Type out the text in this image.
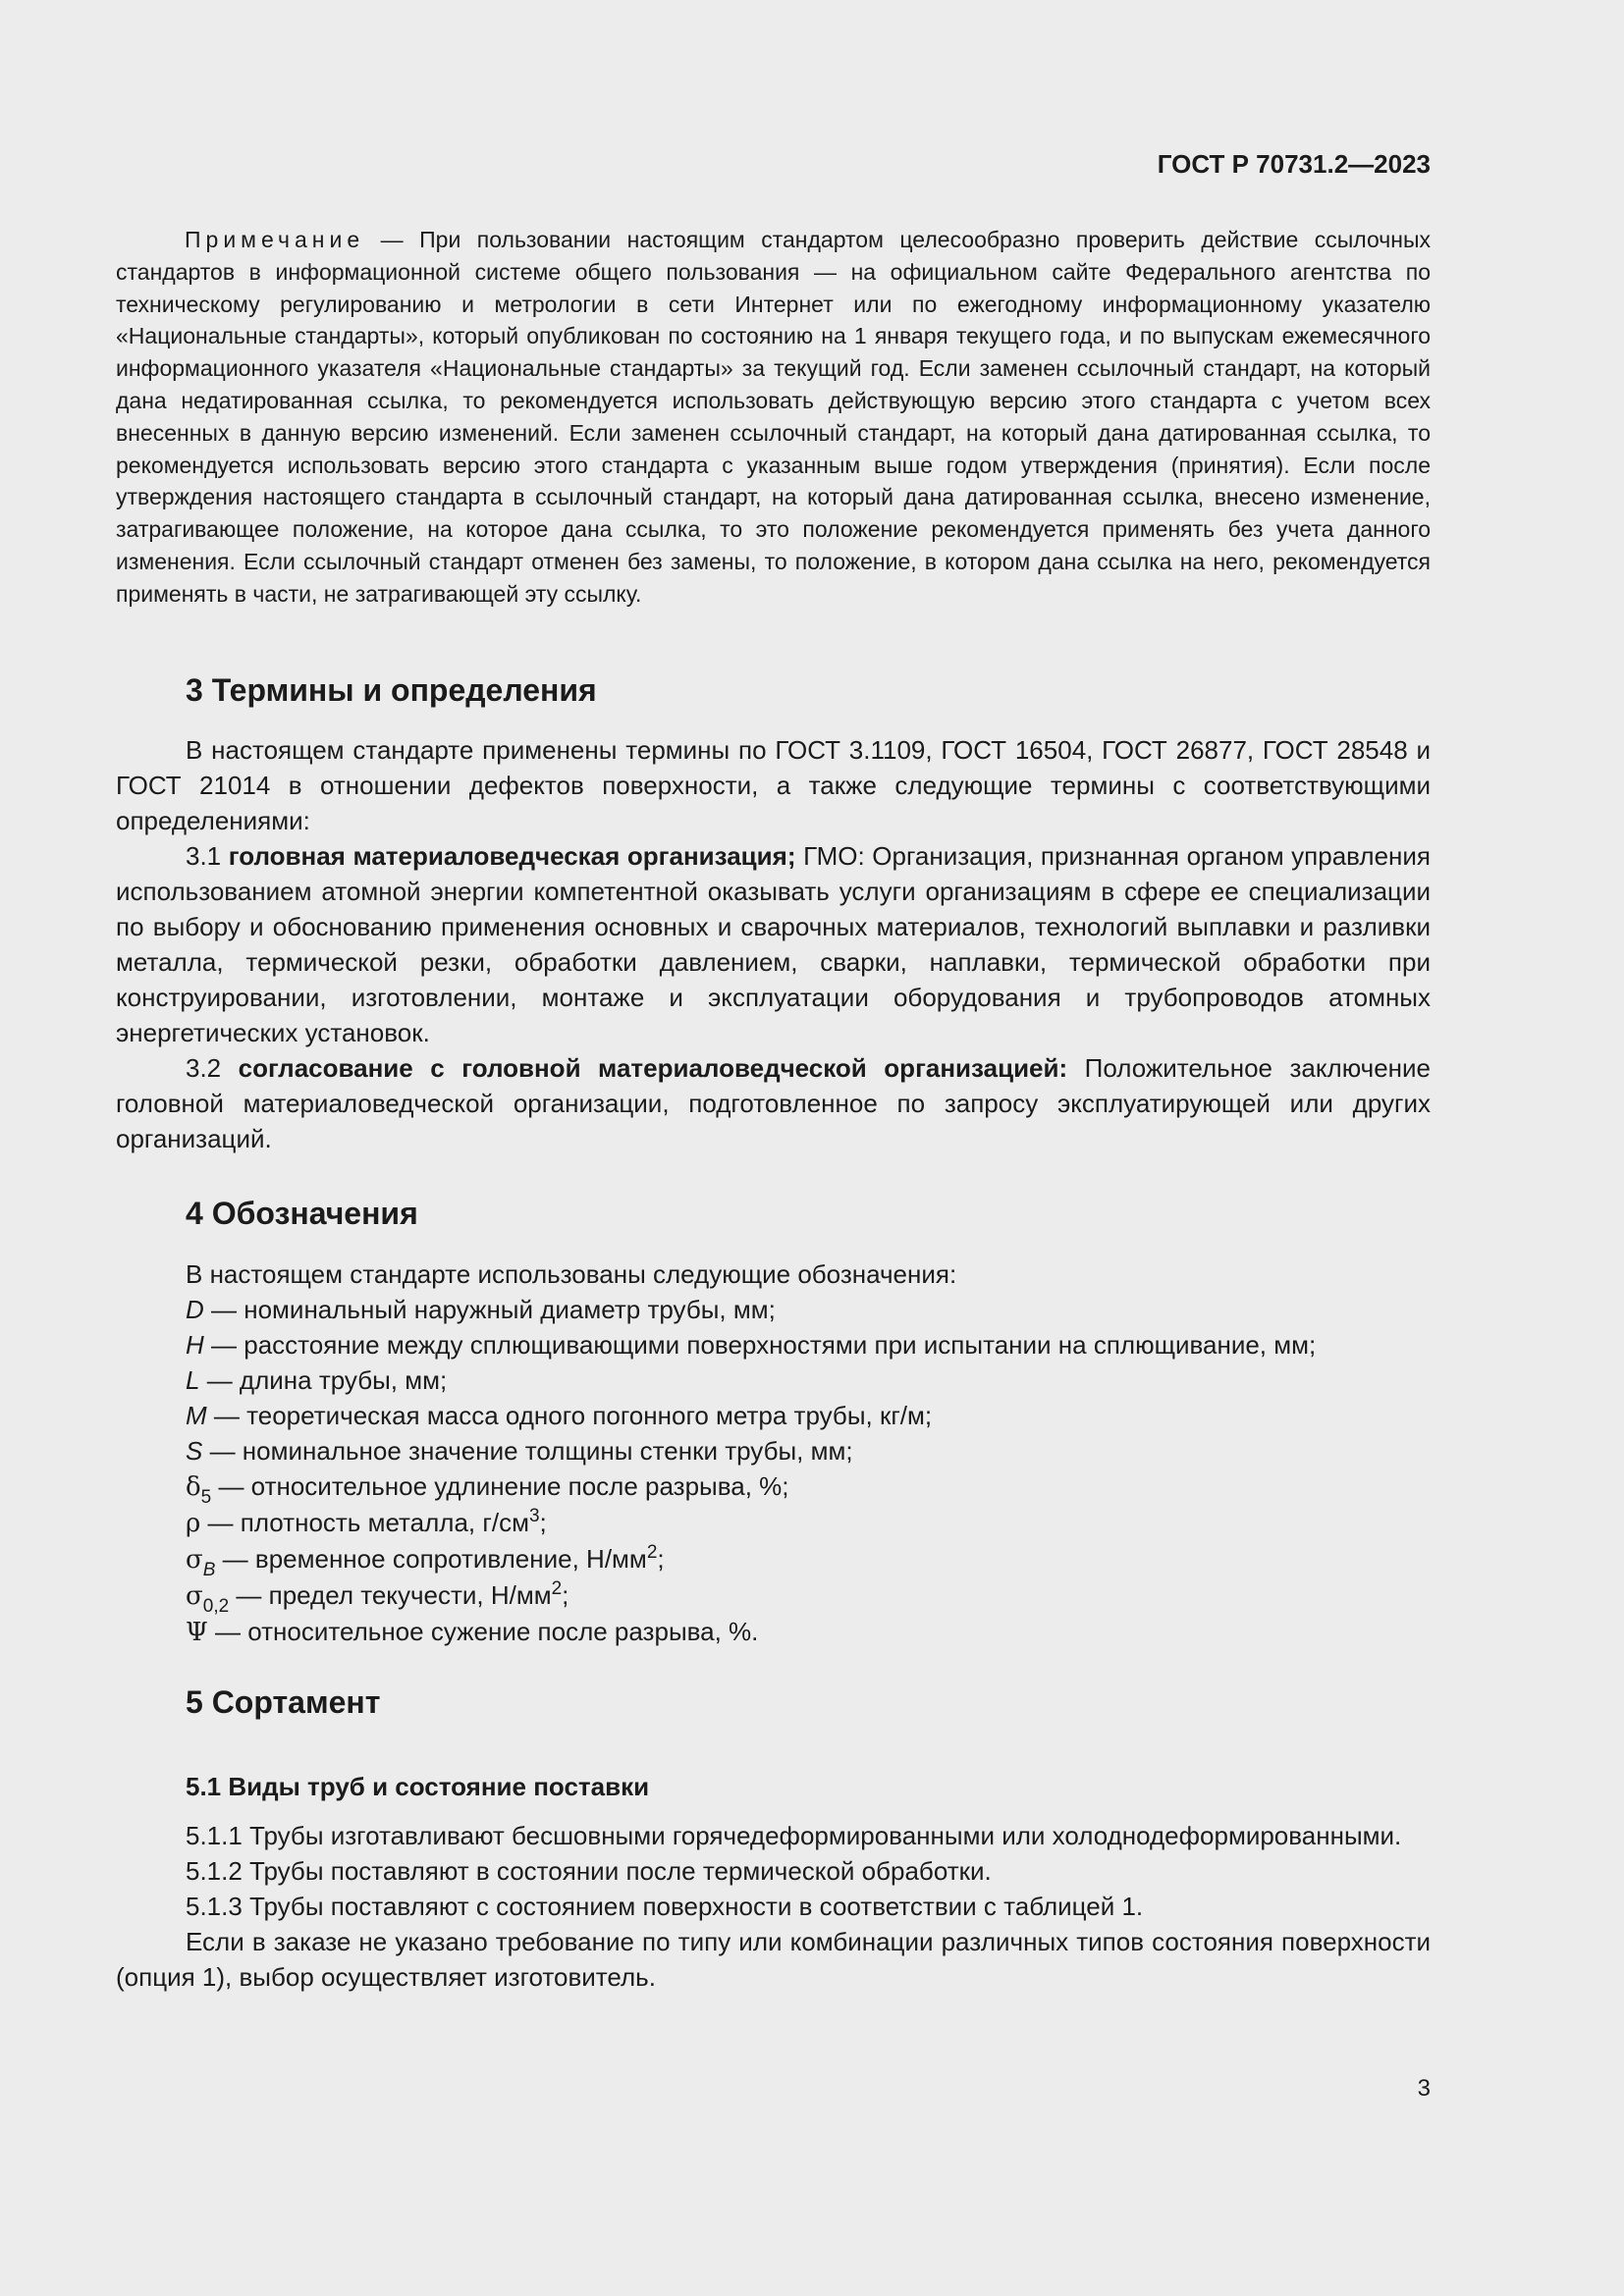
ГОСТ Р 70731.2—2023
Примечание — При пользовании настоящим стандартом целесообразно проверить действие ссылочных стандартов в информационной системе общего пользования — на официальном сайте Федерального агентства по техническому регулированию и метрологии в сети Интернет или по ежегодному информационному указателю «Национальные стандарты», который опубликован по состоянию на 1 января текущего года, и по выпускам ежемесячного информационного указателя «Национальные стандарты» за текущий год. Если заменен ссылочный стандарт, на который дана недатированная ссылка, то рекомендуется использовать действующую версию этого стандарта с учетом всех внесенных в данную версию изменений. Если заменен ссылочный стандарт, на который дана датированная ссылка, то рекомендуется использовать версию этого стандарта с указанным выше годом утверждения (принятия). Если после утверждения настоящего стандарта в ссылочный стандарт, на который дана датированная ссылка, внесено изменение, затрагивающее положение, на которое дана ссылка, то это положение рекомендуется применять без учета данного изменения. Если ссылочный стандарт отменен без замены, то положение, в котором дана ссылка на него, рекомендуется применять в части, не затрагивающей эту ссылку.
3 Термины и определения

В настоящем стандарте применены термины по ГОСТ 3.1109, ГОСТ 16504, ГОСТ 26877, ГОСТ 28548 и ГОСТ 21014 в отношении дефектов поверхности, а также следующие термины с соответствующими определениями:

3.1 головная материаловедческая организация; ГМО: Организация, признанная органом управления использованием атомной энергии компетентной оказывать услуги организациям в сфере ее специализации по выбору и обоснованию применения основных и сварочных материалов, технологий выплавки и разливки металла, термической резки, обработки давлением, сварки, наплавки, термической обработки при конструировании, изготовлении, монтаже и эксплуатации оборудования и трубопроводов атомных энергетических установок.

3.2 согласование с головной материаловедческой организацией: Положительное заключение головной материаловедческой организации, подготовленное по запросу эксплуатирующей или других организаций.

4 Обозначения
В настоящем стандарте использованы следующие обозначения:
D — номинальный наружный диаметр трубы, мм;
H — расстояние между сплющивающими поверхностями при испытании на сплющивание, мм;
L — длина трубы, мм;
M — теоретическая масса одного погонного метра трубы, кг/м;
S — номинальное значение толщины стенки трубы, мм;
$\delta_5$ — относительное удлинение после разрыва, %;
ρ — плотность металла, $г/см^3$;
$\sigma_B$ — временное сопротивление, $Н/мм^2$;
$\sigma_{0,2}$ — предел текучести, $Н/мм^2$;
Ψ — относительное сужение после разрыва, %.
5 Сортамент
5.1 Виды труб и состояние поставки

5.1.1 Трубы изготавливают бесшовными горячедеформированными или холоднодеформированными.

5.1.2 Трубы поставляют в состоянии после термической обработки.

5.1.3 Трубы поставляют с состоянием поверхности в соответствии с таблицей 1.

Если в заказе не указано требование по типу или комбинации различных типов состояния поверхности (опция 1), выбор осуществляет изготовитель.

3
